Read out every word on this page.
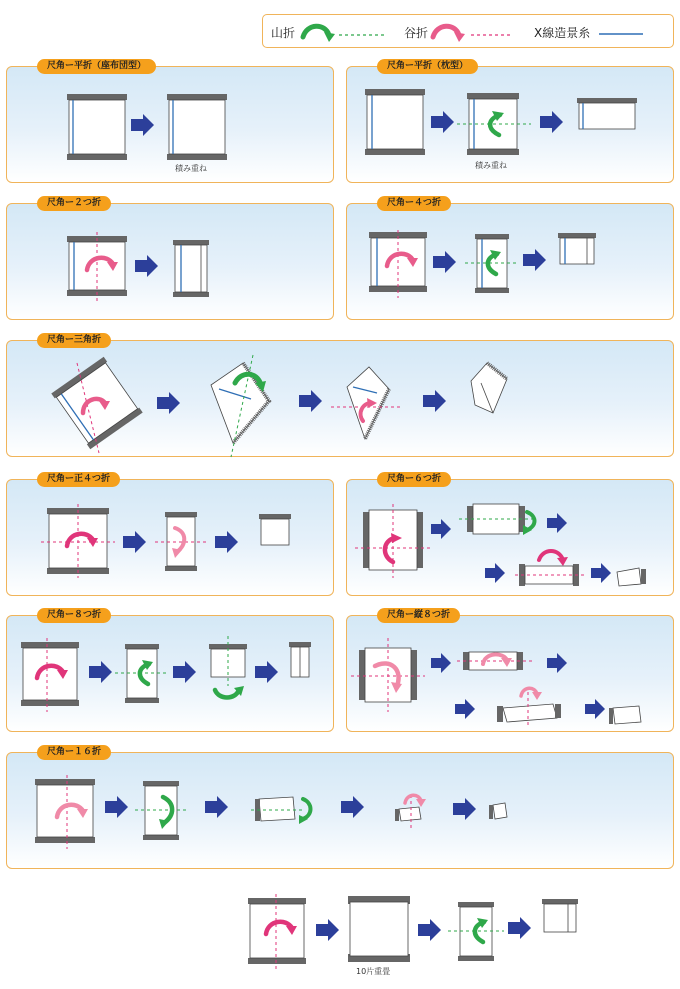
山折	谷折	X線造景糸
尺角ー平折（座布団型）
積み重ね
尺角ー平折（枕型）
積み重ね
尺角ー２つ折	尺角ー４つ折
尺角ー三角折
尺角ー正４つ折	尺角ー６つ折
尺角ー８つ折	尺角ー縦８つ折
尺角ー１６折
10片重畳
